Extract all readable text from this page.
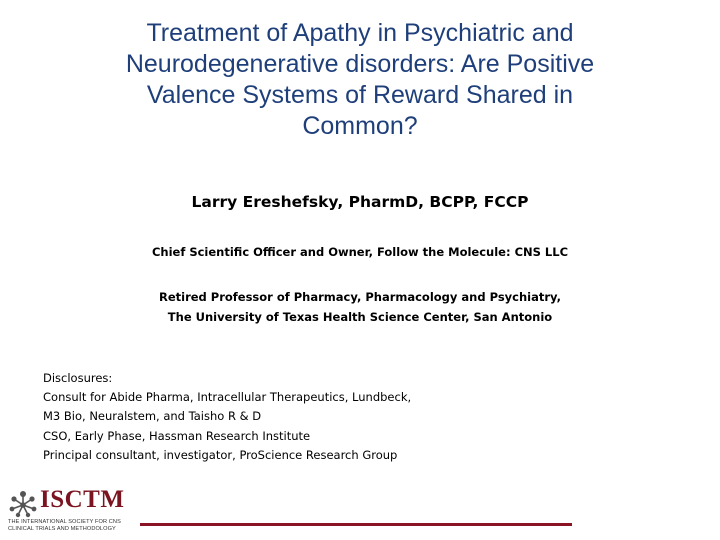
Treatment of Apathy in Psychiatric and
Neurodegenerative disorders: Are Positive
Valence Systems of Reward Shared in
Common?
Larry Ereshefsky, PharmD, BCPP, FCCP
Chief Scientific Officer and Owner, Follow the Molecule: CNS LLC
Retired Professor of Pharmacy, Pharmacology and Psychiatry,
The University of Texas Health Science Center, San Antonio
Disclosures:
Consult for Abide Pharma, Intracellular Therapeutics, Lundbeck,
M3 Bio, Neuralstem, and Taisho R & D
CSO, Early Phase, Hassman Research Institute
Principal consultant, investigator, ProScience Research Group
ISCTM
THE INTERNATIONAL SOCIETY FOR CNS
CLINICAL TRIALS AND METHODOLOGY
